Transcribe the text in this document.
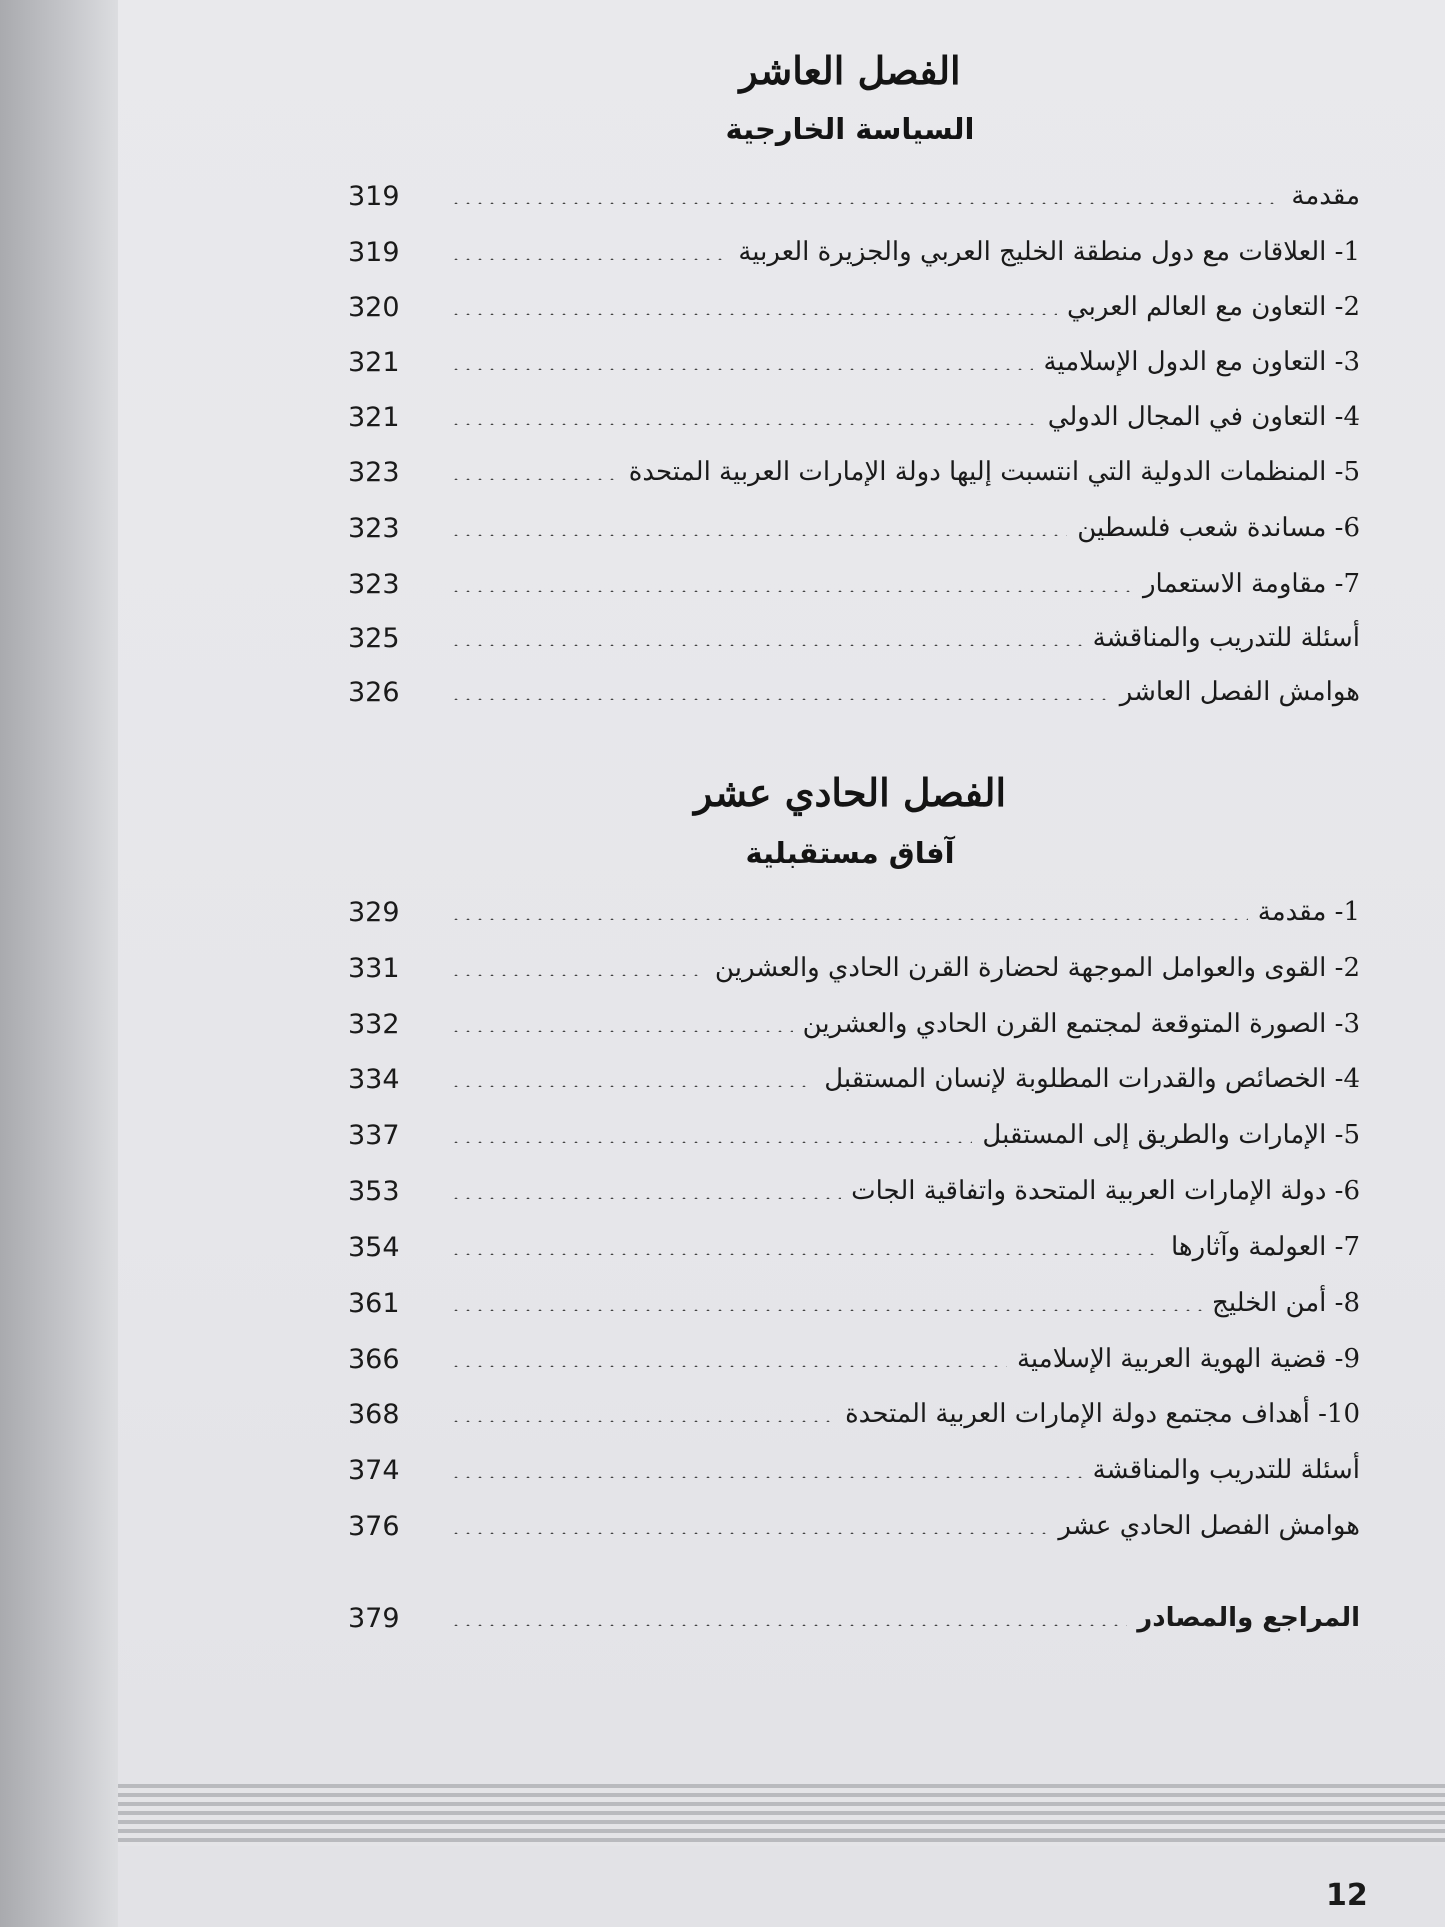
الفصل العاشر
السياسة الخارجية
مقدمة
319
1- العلاقات مع دول منطقة الخليج العربي والجزيرة العربية
319
2- التعاون مع العالم العربي
320
3- التعاون مع الدول الإسلامية
321
4- التعاون في المجال الدولي
321
5- المنظمات الدولية التي انتسبت إليها دولة الإمارات العربية المتحدة
323
6- مساندة شعب فلسطين
323
7- مقاومة الاستعمار
323
أسئلة للتدريب والمناقشة
325
هوامش الفصل العاشر
326
الفصل الحادي عشر
آفاق مستقبلية
1- مقدمة
329
2- القوى والعوامل الموجهة لحضارة القرن الحادي والعشرين
331
3- الصورة المتوقعة لمجتمع القرن الحادي والعشرين
332
4- الخصائص والقدرات المطلوبة لإنسان المستقبل
334
5- الإمارات والطريق إلى المستقبل
337
6- دولة الإمارات العربية المتحدة واتفاقية الجات
353
7- العولمة وآثارها
354
8- أمن الخليج
361
9- قضية الهوية العربية الإسلامية
366
10- أهداف مجتمع دولة الإمارات العربية المتحدة
368
أسئلة للتدريب والمناقشة
374
هوامش الفصل الحادي عشر
376
المراجع والمصادر
379
12
